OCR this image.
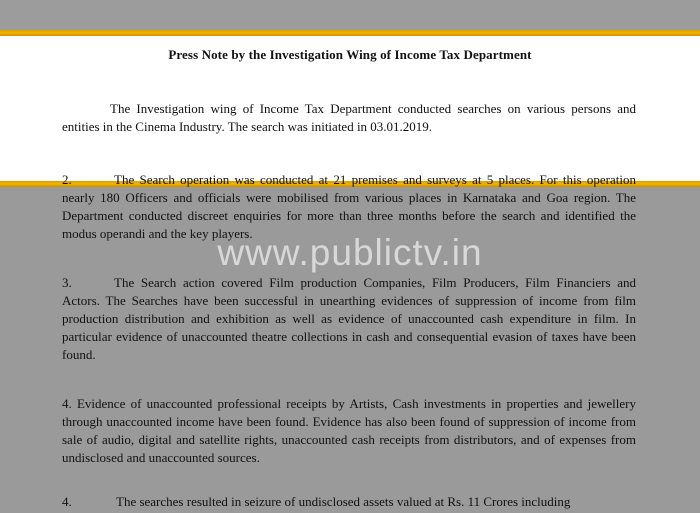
Press Note by the Investigation Wing of Income Tax Department
The Investigation wing of Income Tax Department conducted searches on various persons and entities in the Cinema Industry. The search was initiated in 03.01.2019.
2.	The Search operation was conducted at 21 premises and surveys at 5 places. For this operation nearly 180 Officers and officials were mobilised from various places in Karnataka and Goa region. The Department conducted discreet enquiries for more than three months before the search and identified the modus operandi and the key players.
3.	The Search action covered Film production Companies, Film Producers, Film Financiers and Actors. The Searches have been successful in unearthing evidences of suppression of income from film production distribution and exhibition as well as evidence of unaccounted cash expenditure in film. In particular evidence of unaccounted theatre collections in cash and consequential evasion of taxes have been found.
4. Evidence of unaccounted professional receipts by Artists, Cash investments in properties and jewellery through unaccounted income have been found. Evidence has also been found of suppression of income from sale of audio, digital and satellite rights, unaccounted cash receipts from distributors, and of expenses from undisclosed and unaccounted sources.
4.	The searches resulted in seizure of undisclosed assets valued at Rs. 11 Crores including
www.publictv.in
